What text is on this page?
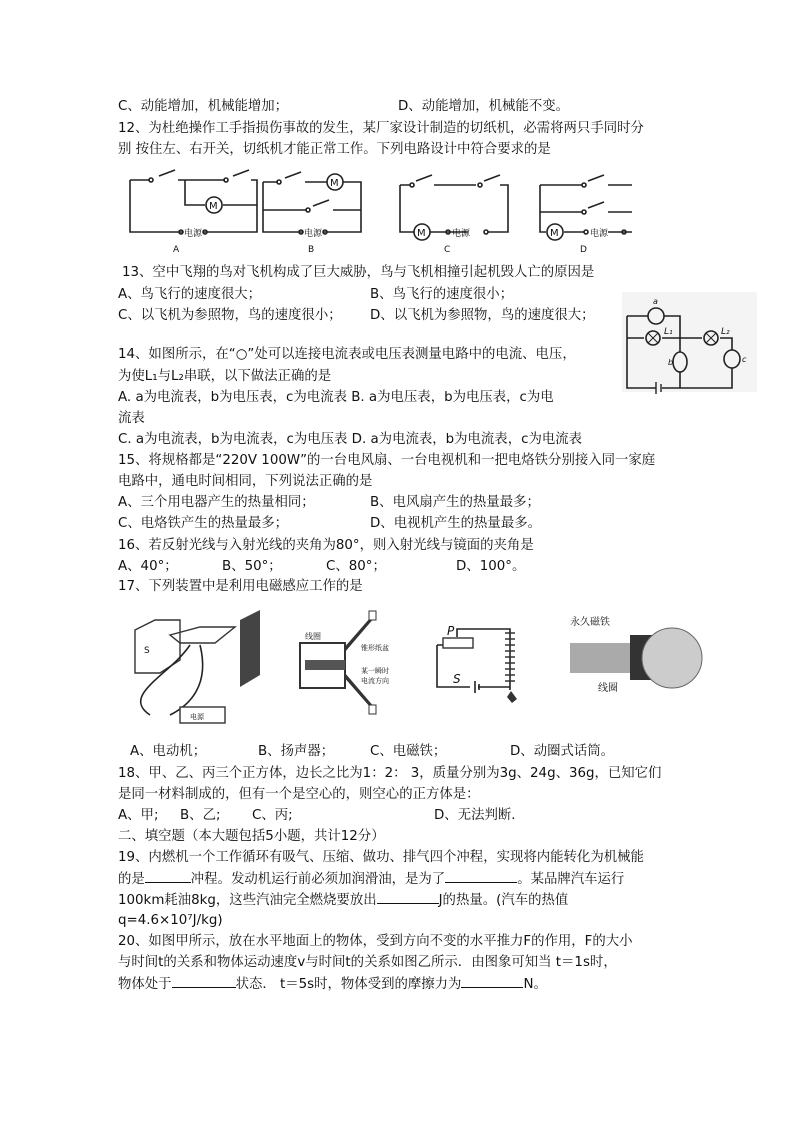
C、动能增加，机械能增加；	D、动能增加，机械能不变。
12、为杜绝操作工手指损伤事故的发生，某厂家设计制造的切纸机，必需将两只手同时分
别 按住左、右开关，切纸机才能正常工作。下列电路设计中符合要求的是
M
电源
A
M
电源
B
M	电源
C
M	电源
D
13、空中飞翔的鸟对飞机构成了巨大威胁，鸟与飞机相撞引起机毁人亡的原因是
A、鸟飞行的速度很大；	B、鸟飞行的速度很小；
C、以飞机为参照物，鸟的速度很小； D、以飞机为参照物，鸟的速度很大；
a
L₁	L₂
b	c
14、如图所示，在“○”处可以连接电流表或电压表测量电路中的电流、电压，
为使L₁与L₂串联，以下做法正确的是
A. a为电流表，b为电压表，c为电流表 B. a为电压表，b为电压表，c为电
流表
C. a为电流表，b为电流表，c为电压表 D. a为电流表，b为电流表，c为电流表
15、将规格都是“220V 100W”的一台电风扇、一台电视机和一把电烙铁分别接入同一家庭
电路中，通电时间相同，下列说法正确的是
A、三个用电器产生的热量相同；	B、电风扇产生的热量最多；
C、电烙铁产生的热量最多；	D、电视机产生的热量最多。
16、若反射光线与入射光线的夹角为80°，则入射光线与镜面的夹角是
A、40°；	B、50°；	C、80°；	D、100°。
17、下列装置中是利用电磁感应工作的是
S
电源
线圈
锥形纸盆
某一瞬时
电流方向
P
S
永久磁铁
线圈
A、电动机；	B、扬声器；	C、电磁铁；	D、动圈式话筒。
18、甲、乙、丙三个正方体，边长之比为1：2： 3，质量分别为3g、24g、36g，已知它们
是同一材料制成的，但有一个是空心的，则空心的正方体是：
A、甲; B、乙; C、丙;	D、无法判断.
二、填空题（本大题包括5小题，共计12分）
19、内燃机一个工作循环有吸气、压缩、做功、排气四个冲程，实现将内能转化为机械能
的是	冲程。发动机运行前必须加润滑油，是为了	。某品牌汽车运行
100km耗油8kg，这些汽油完全燃烧要放出	J的热量。(汽车的热值
q=4.6×10⁷J/kg)
20、如图甲所示，放在水平地面上的物体，受到方向不变的水平推力F的作用，F的大小
与时间t的关系和物体运动速度v与时间t的关系如图乙所示．由图象可知当 t＝1s时，
物体处于	状态． t＝5s时，物体受到的摩擦力为	N。
